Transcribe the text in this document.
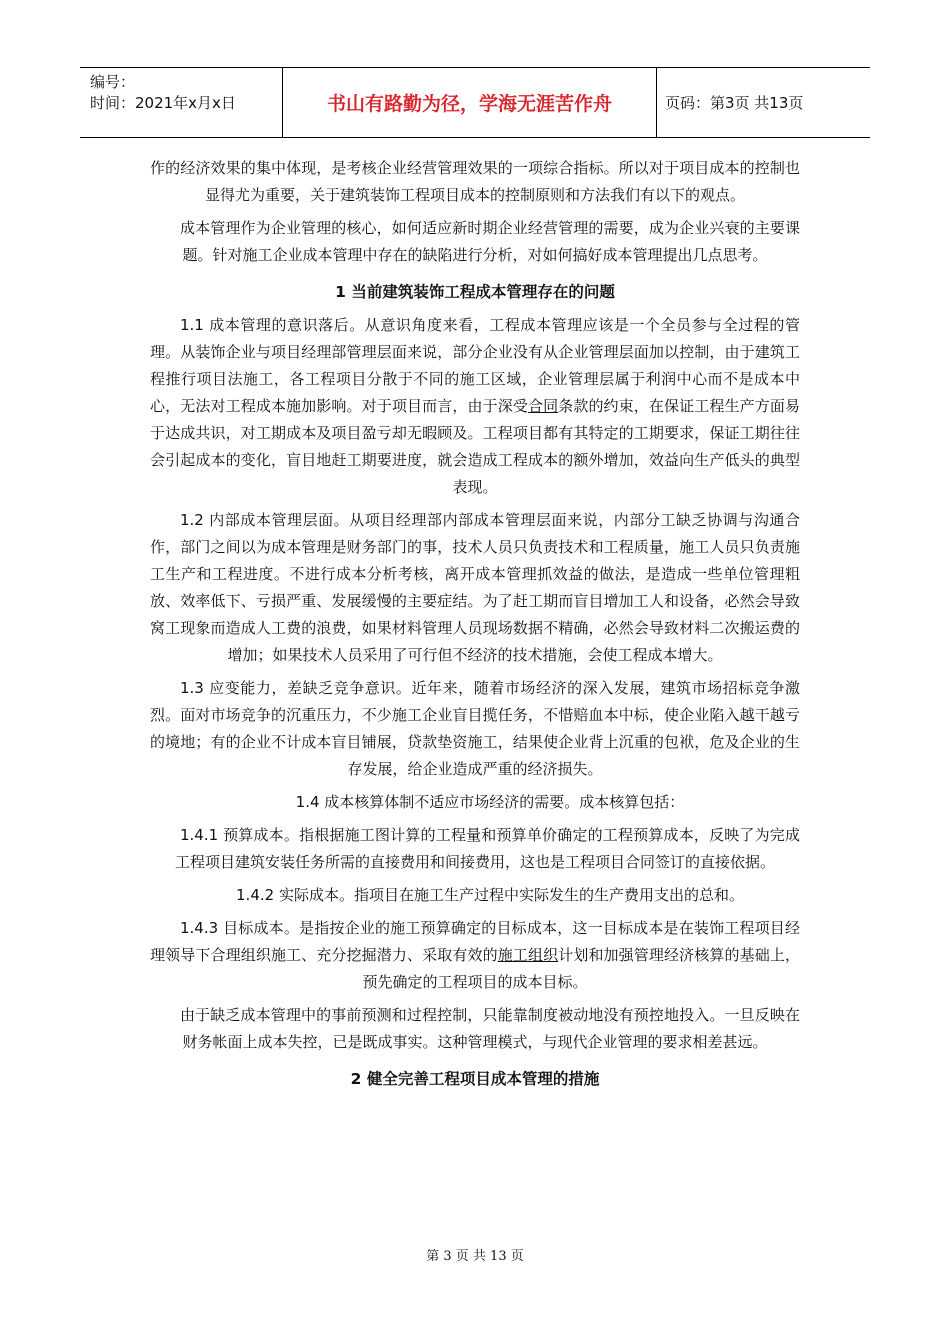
编号：
时间：2021年x月x日	书山有路勤为径，学海无涯苦作舟	页码：第3页 共13页

作的经济效果的集中体现，是考核企业经营管理效果的一项综合指标。所以对于项目成本的控制也显得尤为重要，关于建筑装饰工程项目成本的控制原则和方法我们有以下的观点。

成本管理作为企业管理的核心，如何适应新时期企业经营管理的需要，成为企业兴衰的主要课题。针对施工企业成本管理中存在的缺陷进行分析，对如何搞好成本管理提出几点思考。

1 当前建筑装饰工程成本管理存在的问题

1.1 成本管理的意识落后。从意识角度来看，工程成本管理应该是一个全员参与全过程的管理。从装饰企业与项目经理部管理层面来说，部分企业没有从企业管理层面加以控制，由于建筑工程推行项目法施工，各工程项目分散于不同的施工区域，企业管理层属于利润中心而不是成本中心，无法对工程成本施加影响。对于项目而言，由于深受合同条款的约束，在保证工程生产方面易于达成共识，对工期成本及项目盈亏却无暇顾及。工程项目都有其特定的工期要求，保证工期往往会引起成本的变化，盲目地赶工期要进度，就会造成工程成本的额外增加，效益向生产低头的典型表现。

1.2 内部成本管理层面。从项目经理部内部成本管理层面来说，内部分工缺乏协调与沟通合作，部门之间以为成本管理是财务部门的事，技术人员只负责技术和工程质量，施工人员只负责施工生产和工程进度。不进行成本分析考核，离开成本管理抓效益的做法，是造成一些单位管理粗放、效率低下、亏损严重、发展缓慢的主要症结。为了赶工期而盲目增加工人和设备，必然会导致窝工现象而造成人工费的浪费，如果材料管理人员现场数据不精确，必然会导致材料二次搬运费的增加；如果技术人员采用了可行但不经济的技术措施，会使工程成本增大。

1.3 应变能力，差缺乏竞争意识。近年来，随着市场经济的深入发展，建筑市场招标竞争激烈。面对市场竞争的沉重压力，不少施工企业盲目揽任务，不惜赔血本中标，使企业陷入越干越亏的境地；有的企业不计成本盲目铺展，贷款垫资施工，结果使企业背上沉重的包袱，危及企业的生存发展，给企业造成严重的经济损失。

1.4 成本核算体制不适应市场经济的需要。成本核算包括：

1.4.1 预算成本。指根据施工图计算的工程量和预算单价确定的工程预算成本，反映了为完成工程项目建筑安装任务所需的直接费用和间接费用，这也是工程项目合同签订的直接依据。

1.4.2 实际成本。指项目在施工生产过程中实际发生的生产费用支出的总和。

1.4.3 目标成本。是指按企业的施工预算确定的目标成本，这一目标成本是在装饰工程项目经理领导下合理组织施工、充分挖掘潜力、采取有效的施工组织计划和加强管理经济核算的基础上，预先确定的工程项目的成本目标。

由于缺乏成本管理中的事前预测和过程控制，只能靠制度被动地没有预控地投入。一旦反映在财务帐面上成本失控，已是既成事实。这种管理模式，与现代企业管理的要求相差甚远。

2 健全完善工程项目成本管理的措施
第 3 页 共 13 页
